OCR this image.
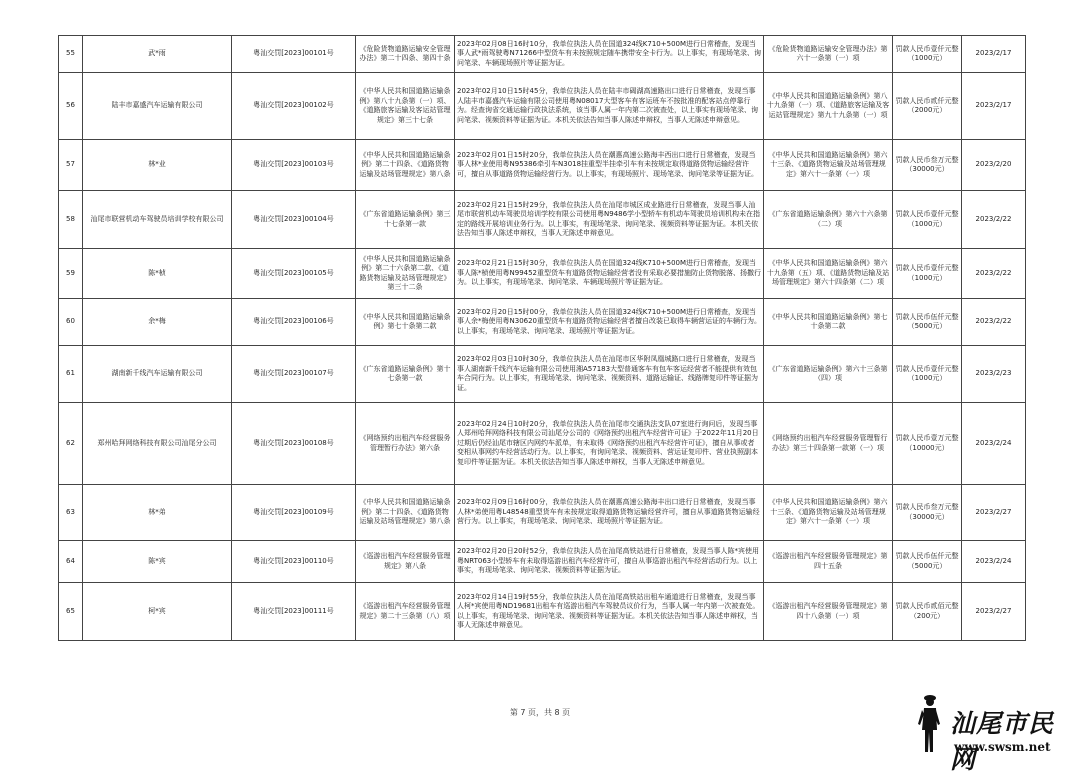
55	武*雨	粤汕交罚[2023]00101号	《危险货物道路运输安全管理办法》第二十四条、第四十条	2023年02月08日16时10分，我单位执法人员在国道324线K710+500M进行日常稽查，发现当事人武*雨驾驶粤N71266中型货车有未按照规定随车携带安全卡行为。以上事实，有现场笔录、询问笔录、车辆现场照片等证据为证。	《危险货物道路运输安全管理办法》第六十一条第（一）项	罚款人民币壹仟元整（1000元）	2023/2/17
56	陆丰市嘉盛汽车运输有限公司	粤汕交罚[2023]00102号	《中华人民共和国道路运输条例》第八十九条第（一）项、《道路旅客运输及客运站管理规定》第三十七条	2023年02月10日15时45分，我单位执法人员在陆丰市碣湖高速路出口进行日常稽查，发现当事人陆丰市嘉盛汽车运输有限公司使用粤N08017大型客车有客运班车不按批准的配客站点停靠行为。经查询省交通运输行政执法系统，该当事人属一年内第二次被查处，以上事实有现场笔录、询问笔录、视频资料等证据为证。本机关依法告知当事人陈述申辩权，当事人无陈述申辩意见。	《中华人民共和国道路运输条例》第八十九条第（一）项、《道路旅客运输及客运站管理规定》第九十九条第（一）项	罚款人民币贰仟元整（2000元）	2023/2/17
57	林*业	粤汕交罚[2023]00103号	《中华人民共和国道路运输条例》第二十四条、《道路货物运输及站场管理规定》第八条	2023年02月01日15时20分，我单位执法人员在潮惠高速公路海丰西出口进行日常稽查，发现当事人林*业使用粤N95386牵引车N3018挂重型半挂牵引车有未按规定取得道路货物运输经营许可，擅自从事道路货物运输经营行为。以上事实，有现场照片、现场笔录、询问笔录等证据为证。	《中华人民共和国道路运输条例》第六十三条、《道路货物运输及站场管理规定》第六十一条第（一）项	罚款人民币叁万元整（30000元）	2023/2/20
58	汕尾市联营机动车驾驶员培训学校有限公司	粤汕交罚[2023]00104号	《广东省道路运输条例》第三十七条第一款	2023年02月21日15时29分，我单位执法人员在汕尾市城区成业路进行日常稽查，发现当事人汕尾市联营机动车驾驶员培训学校有限公司使用粤N9486学小型轿车有机动车驾驶员培训机构未在指定的路线开展培训业务行为。以上事实，有现场笔录、询问笔录、视频资料等证据为证。本机关依法告知当事人陈述申辩权，当事人无陈述申辩意见。	《广东省道路运输条例》第六十六条第（二）项	罚款人民币壹仟元整（1000元）	2023/2/22
59	陈*桢	粤汕交罚[2023]00105号	《中华人民共和国道路运输条例》第二十六条第二款、《道路货物运输及站场管理规定》第三十二条	2023年02月21日15时30分，我单位执法人员在国道324线K710+500M进行日常稽查，发现当事人陈*桢使用粤N99452重型货车有道路货物运输经营者没有采取必要措施防止货物脱落、扬撒行为。以上事实，有现场笔录、询问笔录、车辆现场照片等证据为证。	《中华人民共和国道路运输条例》第六十九条第（五）项、《道路货物运输及站场管理规定》第六十四条第（二）项	罚款人民币壹仟元整（1000元）	2023/2/22
60	余*梅	粤汕交罚[2023]00106号	《中华人民共和国道路运输条例》第七十条第二款	2023年02月20日15时00分，我单位执法人员在国道324线K710+500M进行日常稽查，发现当事人余*梅使用粤N30620重型货车有道路货物运输经营者擅自改装已取得车辆营运证的车辆行为。以上事实，有现场笔录、询问笔录、现场照片等证据为证。	《中华人民共和国道路运输条例》第七十条第二款	罚款人民币伍仟元整（5000元）	2023/2/22
61	湖南新千线汽车运输有限公司	粤汕交罚[2023]00107号	《广东省道路运输条例》第十七条第一款	2023年02月03日10时30分，我单位执法人员在汕尾市区华附凤凰城路口进行日常稽查，发现当事人湖南新千线汽车运输有限公司使用湘A57183大型普通客车有包车客运经营者不能提供有效包车合同行为。以上事实，有现场笔录、询问笔录、视频资料、道路运输证、线路牌复印件等证据为证。	《广东省道路运输条例》第六十三条第（四）项	罚款人民币壹仟元整（1000元）	2023/2/23
62	郑州哈拜网络科技有限公司汕尾分公司	粤汕交罚[2023]00108号	《网络预约出租汽车经营服务管理暂行办法》第六条	2023年02月24日10时20分，我单位执法人员在汕尾市交通执法支队07室进行询问后，发现当事人郑州哈拜网络科技有限公司汕尾分公司的《网络预约出租汽车经营许可证》于2022年11月20日过期后仍经汕尾市辖区内网约车派单，有未取得《网络预约出租汽车经营许可证》，擅自从事或者变相从事网约车经营活动行为。以上事实，有询问笔录、视频资料、营运证复印件、营业执照副本复印件等证据为证。本机关依法告知当事人陈述申辩权，当事人无陈述申辩意见。	《网络预约出租汽车经营服务管理暂行办法》第三十四条第一款第（一）项	罚款人民币壹万元整（10000元）	2023/2/24
63	林*弟	粤汕交罚[2023]00109号	《中华人民共和国道路运输条例》第二十四条、《道路货物运输及站场管理规定》第八条	2023年02月09日16时00分，我单位执法人员在潮惠高速公路海丰出口进行日常稽查，发现当事人林*弟使用粤L48548重型货车有未按规定取得道路货物运输经营许可，擅自从事道路货物运输经营行为。以上事实，有现场笔录、询问笔录、现场照片等证据为证。	《中华人民共和国道路运输条例》第六十三条、《道路货物运输及站场管理规定》第六十一条第（一）项	罚款人民币叁万元整（30000元）	2023/2/27
64	陈*宾	粤汕交罚[2023]00110号	《巡游出租汽车经营服务管理规定》第八条	2023年02月20日20时52分，我单位执法人员在汕尾高铁站进行日常稽查，发现当事人陈*宾使用粤NRT063小型轿车有未取得巡游出租汽车经营许可，擅自从事巡游出租汽车经营活动行为。以上事实，有现场笔录、询问笔录、视频资料等证据为证。	《巡游出租汽车经营服务管理规定》第四十五条	罚款人民币伍仟元整（5000元）	2023/2/24
65	柯*宾	粤汕交罚[2023]00111号	《巡游出租汽车经营服务管理规定》第二十三条第（八）项	2023年02月14日19时55分，我单位执法人员在汕尾高铁站出租车通道进行日常稽查，发现当事人柯*宾使用粤ND19681出租车有巡游出租汽车驾驶员议价行为，当事人属一年内第一次被查处。以上事实，有现场笔录、询问笔录、视频资料等证据为证。本机关依法告知当事人陈述申辩权，当事人无陈述申辩意见。	《巡游出租汽车经营服务管理规定》第四十八条第（一）项	罚款人民币贰佰元整（200元）	2023/2/27
第 7 页，共 8 页	汕尾市民网
www.swsm.net
